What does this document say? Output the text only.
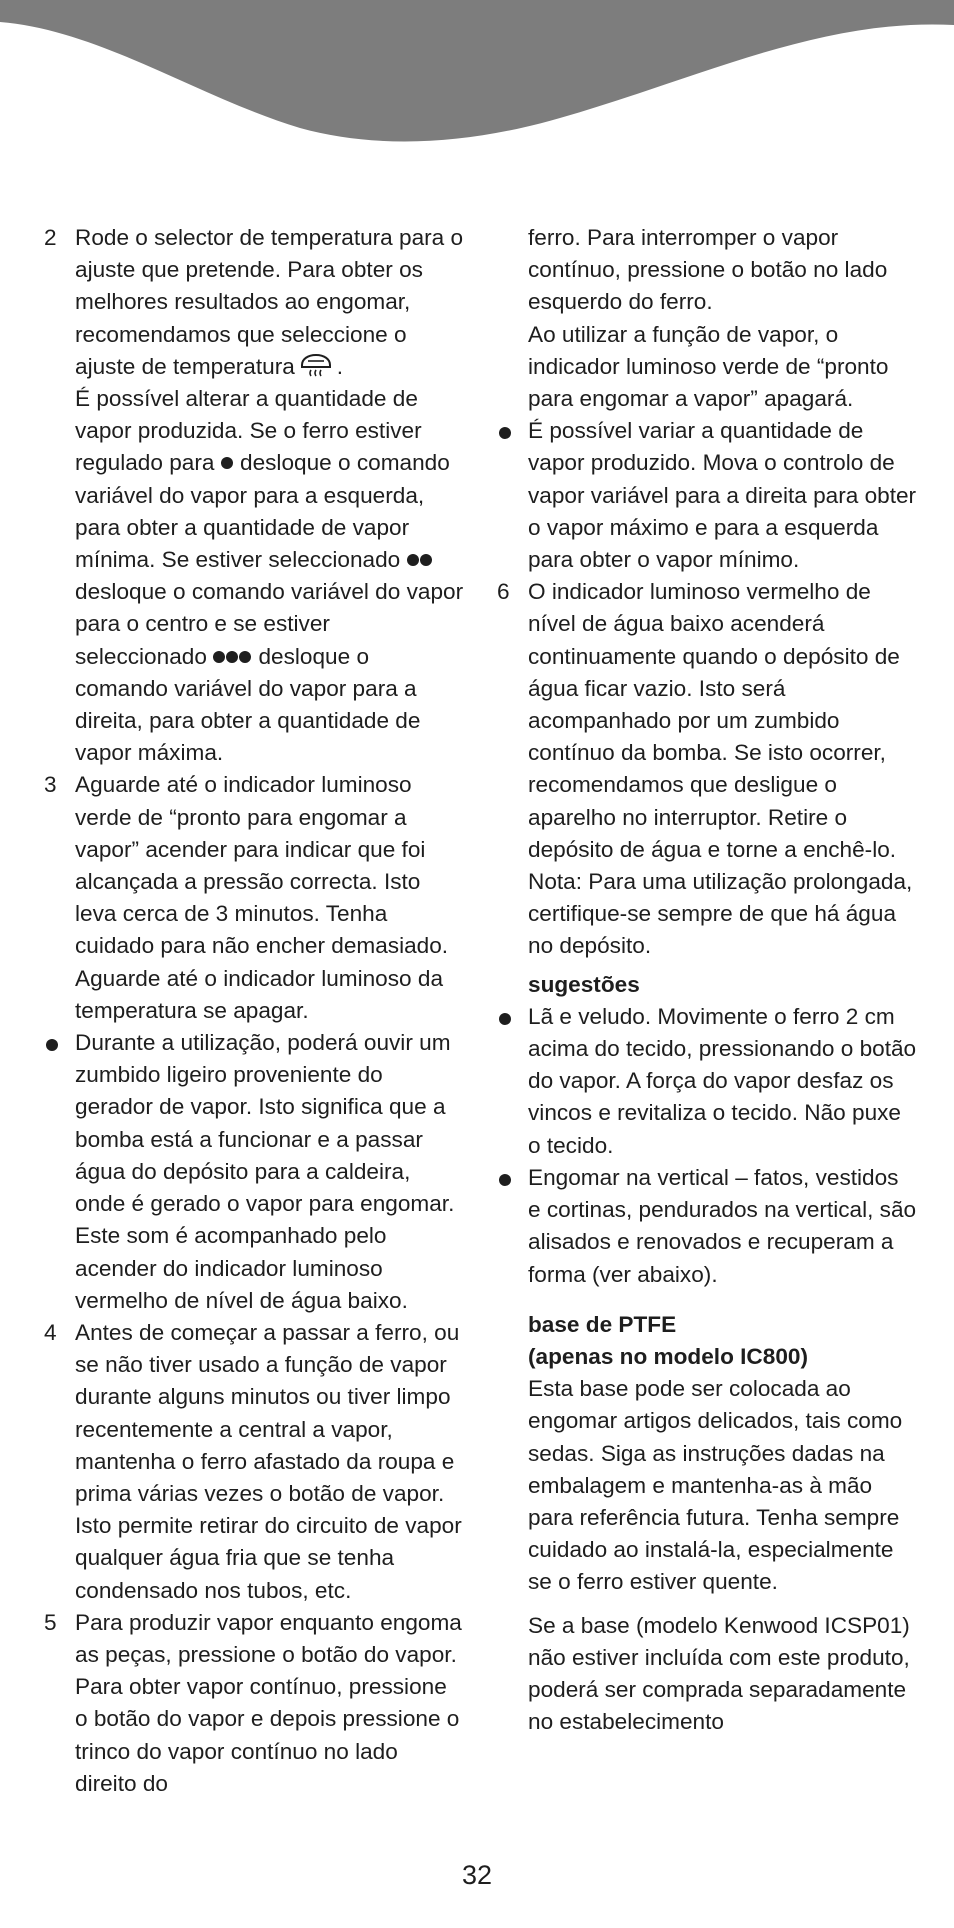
2 Rode o selector de temperatura para o ajuste que pretende. Para obter os melhores resultados ao engomar, recomendamos que seleccione o ajuste de temperatura .
É possível alterar a quantidade de vapor produzida. Se o ferro estiver regulado para desloque o comando variável do vapor para a esquerda, para obter a quantidade de vapor mínima. Se estiver seleccionado  desloque o comando variável do vapor para o centro e se estiver seleccionado desloque o comando variável do vapor para a direita, para obter a quantidade de vapor máxima.
3 Aguarde até o indicador luminoso verde de “pronto para engomar a vapor” acender para indicar que foi alcançada a pressão correcta. Isto leva cerca de 3 minutos. Tenha cuidado para não encher demasiado. Aguarde até o indicador luminoso da temperatura se apagar.
Durante a utilização, poderá ouvir um zumbido ligeiro proveniente do gerador de vapor. Isto significa que a bomba está a funcionar e a passar água do depósito para a caldeira, onde é gerado o vapor para engomar. Este som é acompanhado pelo acender do indicador luminoso vermelho de nível de água baixo.
4 Antes de começar a passar a ferro, ou se não tiver usado a função de vapor durante alguns minutos ou tiver limpo recentemente a central a vapor, mantenha o ferro afastado da roupa e prima várias vezes o botão de vapor. Isto permite retirar do circuito de vapor qualquer água fria que se tenha condensado nos tubos, etc.
5 Para produzir vapor enquanto engoma as peças, pressione o botão do vapor. Para obter vapor contínuo, pressione o botão do vapor e depois pressione o trinco do vapor contínuo no lado direito do
ferro. Para interromper o vapor contínuo, pressione o botão no lado esquerdo do ferro.
Ao utilizar a função de vapor, o indicador luminoso verde de “pronto para engomar a vapor” apagará.
É possível variar a quantidade de vapor produzido. Mova o controlo de vapor variável para a direita para obter o vapor máximo e para a esquerda para obter o vapor mínimo.
6 O indicador luminoso vermelho de nível de água baixo acenderá continuamente quando o depósito de água ficar vazio. Isto será acompanhado por um zumbido contínuo da bomba. Se isto ocorrer, recomendamos que desligue o aparelho no interruptor. Retire o depósito de água e torne a enchê-lo.
Nota: Para uma utilização prolongada, certifique-se sempre de que há água no depósito.
sugestões
Lã e veludo. Movimente o ferro 2 cm acima do tecido, pressionando o botão do vapor. A força do vapor desfaz os vincos e revitaliza o tecido. Não puxe o tecido.
Engomar na vertical – fatos, vestidos e cortinas, pendurados na vertical, são alisados e renovados e recuperam a forma (ver abaixo).
base de PTFE
(apenas no modelo IC800)
Esta base pode ser colocada ao engomar artigos delicados, tais como sedas. Siga as instruções dadas na embalagem e mantenha-as à mão para referência futura. Tenha sempre cuidado ao instalá-la, especialmente se o ferro estiver quente.
Se a base (modelo Kenwood ICSP01) não estiver incluída com este produto, poderá ser comprada separadamente no estabelecimento
32
